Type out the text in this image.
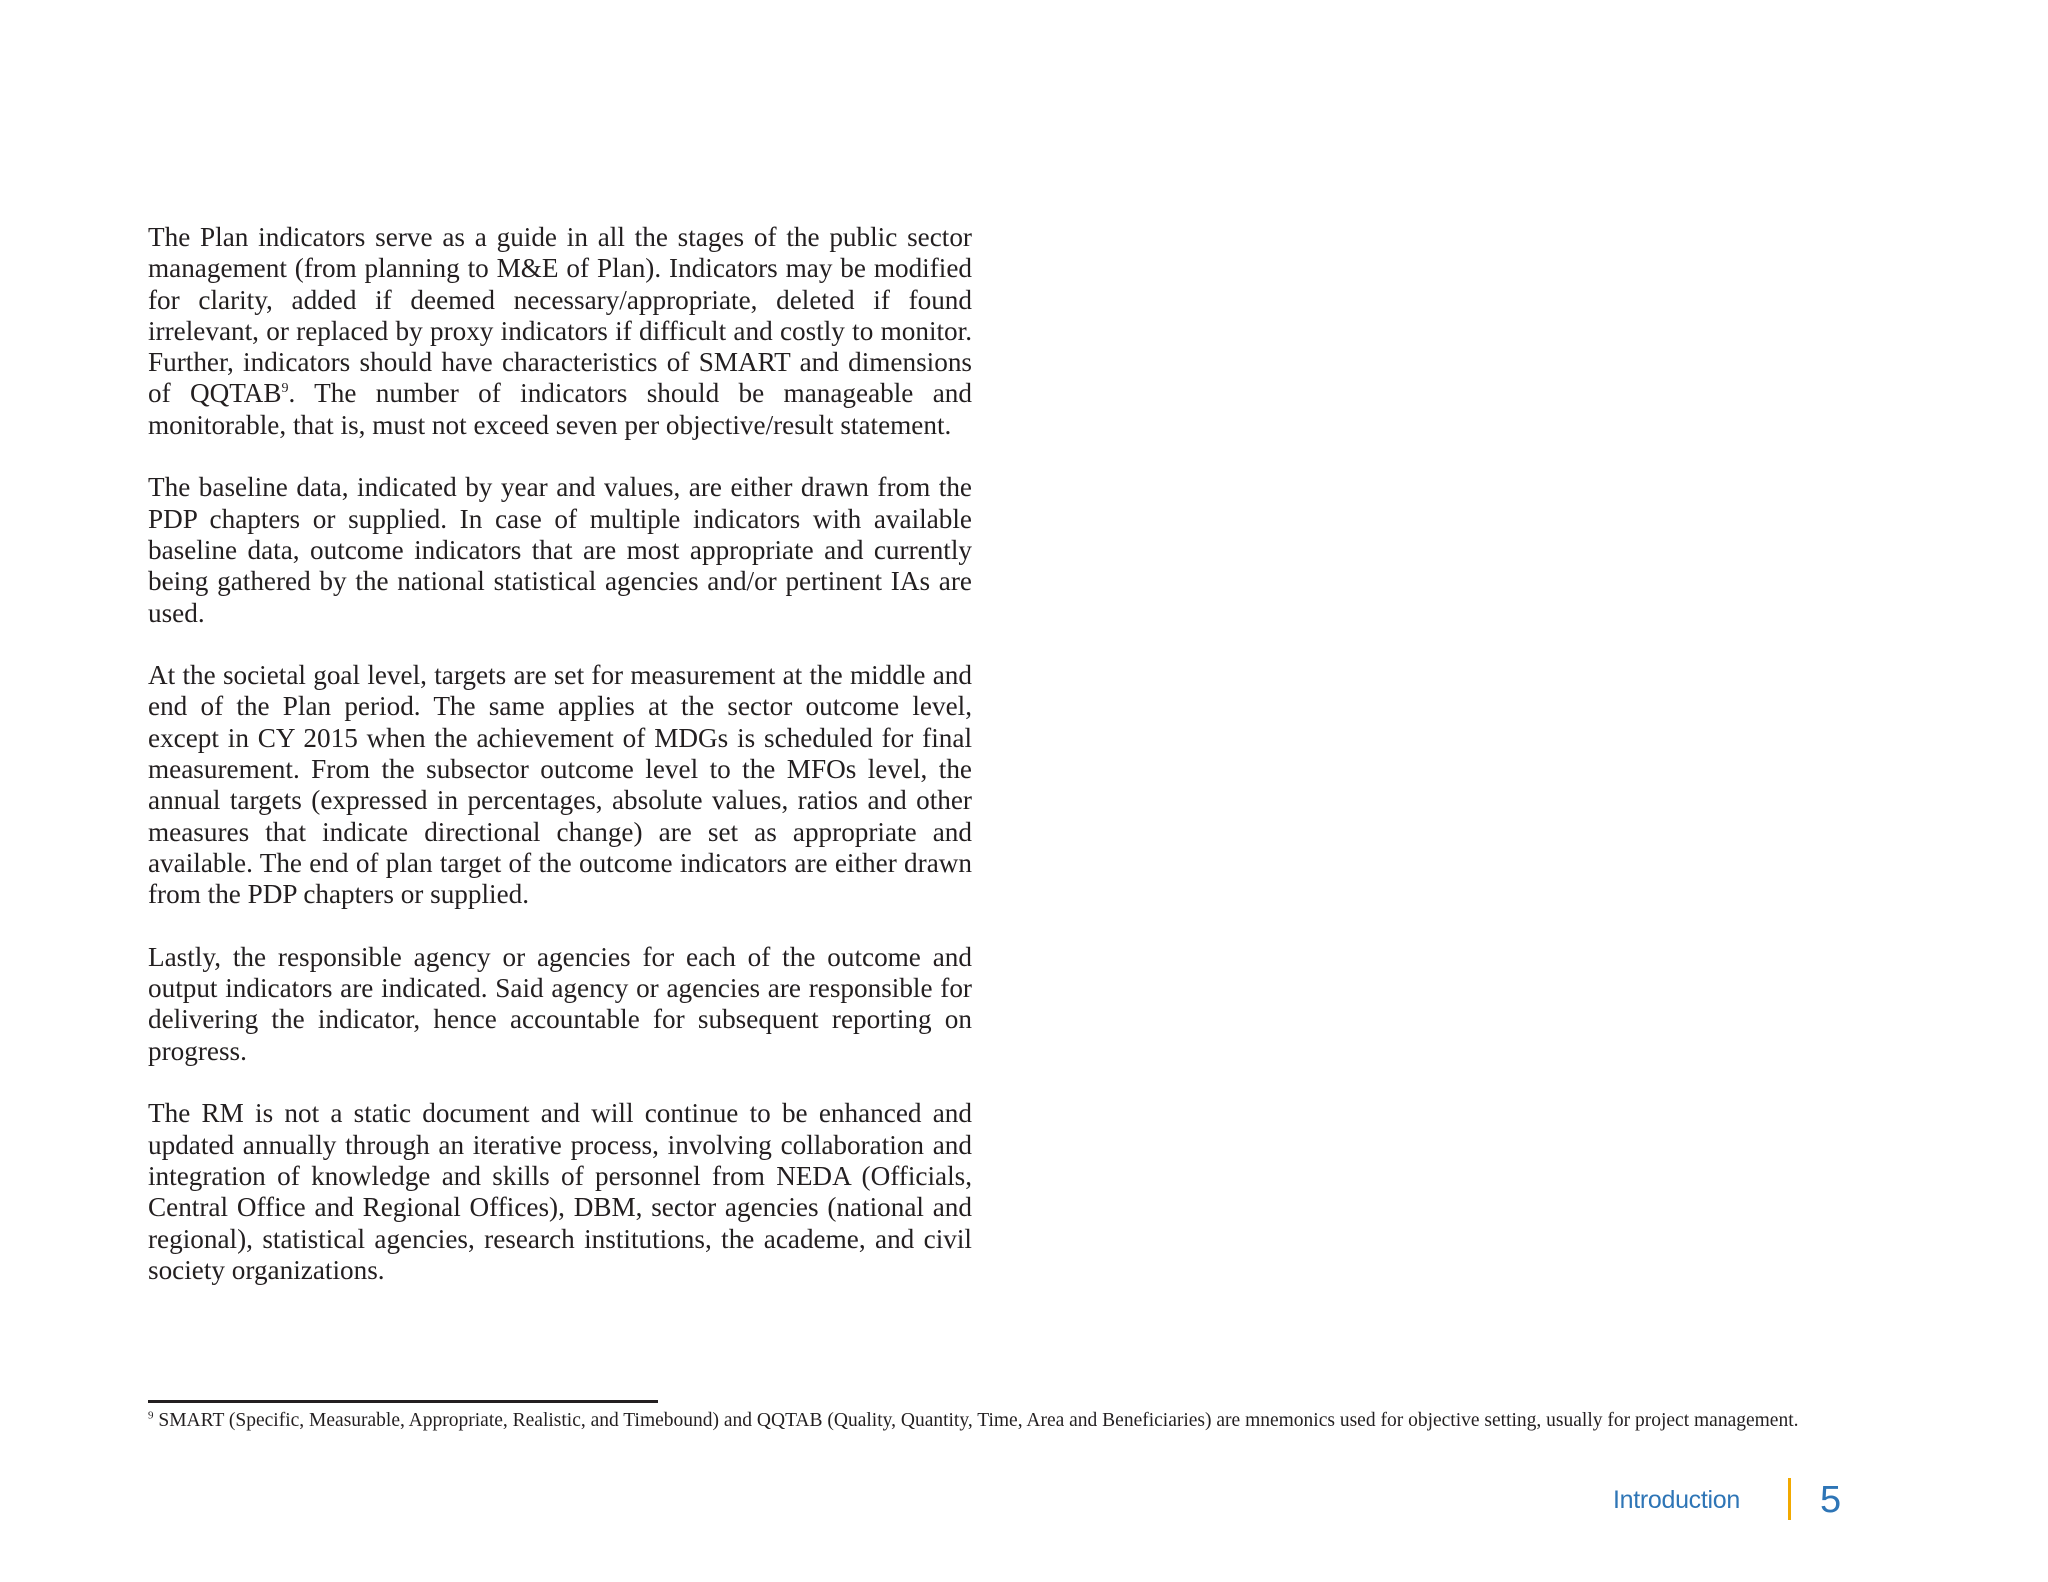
The Plan indicators serve as a guide in all the stages of the public sector management (from planning to M&E of Plan). Indicators may be modified for clarity, added if deemed necessary/appropriate, deleted if found irrelevant, or replaced by proxy indicators if difficult and costly to monitor. Further, indicators should have characteristics of SMART and dimensions of QQTAB$^9$. The number of indicators should be manageable and monitorable, that is, must not exceed seven per objective/result statement.

The baseline data, indicated by year and values, are either drawn from the PDP chapters or supplied. In case of multiple indicators with available baseline data, outcome indicators that are most appropriate and currently being gathered by the national statistical agencies and/or pertinent IAs are used.

At the societal goal level, targets are set for measurement at the middle and end of the Plan period. The same applies at the sector outcome level, except in CY 2015 when the achievement of MDGs is scheduled for final measurement. From the subsector outcome level to the MFOs level, the annual targets (expressed in percentages, absolute values, ratios and other measures that indicate directional change) are set as appropriate and available. The end of plan target of the outcome indicators are either drawn from the PDP chapters or supplied.

Lastly, the responsible agency or agencies for each of the outcome and output indicators are indicated. Said agency or agencies are responsible for delivering the indicator, hence accountable for subsequent reporting on progress.

The RM is not a static document and will continue to be enhanced and updated annually through an iterative process, involving collaboration and integration of knowledge and skills of personnel from NEDA (Officials, Central Office and Regional Offices), DBM, sector agencies (national and regional), statistical agencies, research institutions, the academe, and civil society organizations.

$^9$ SMART (Specific, Measurable, Appropriate, Realistic, and Timebound) and QQTAB (Quality, Quantity, Time, Area and Beneficiaries) are mnemonics used for objective setting, usually for project management.
Introduction 5
